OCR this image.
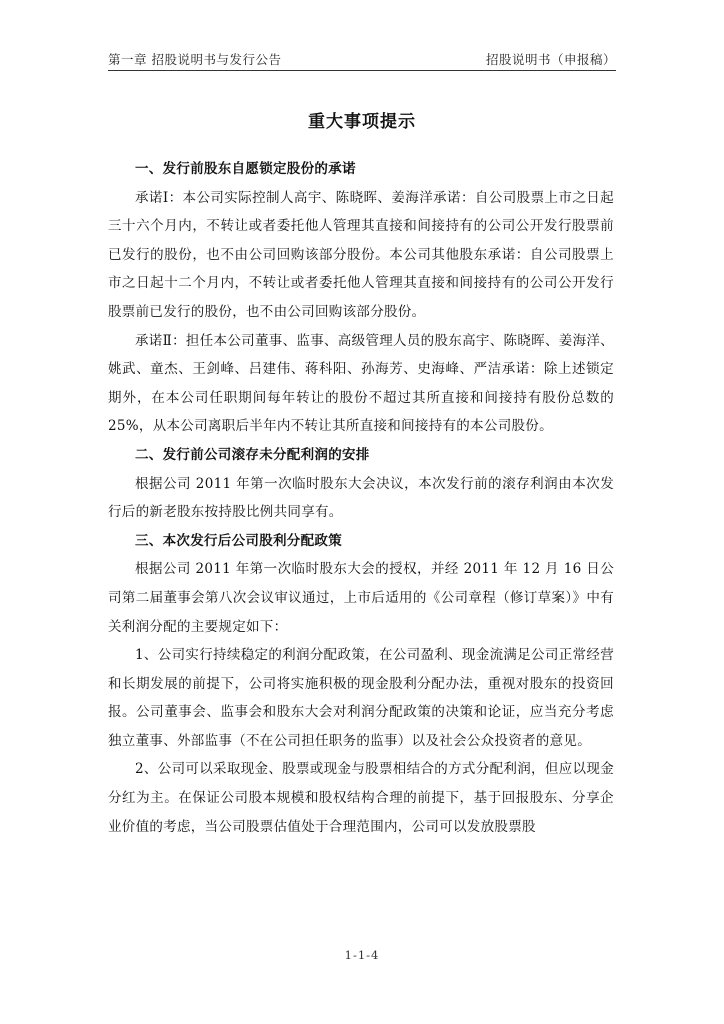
第一章 招股说明书与发行公告	招股说明书（申报稿）
重大事项提示
一、发行前股东自愿锁定股份的承诺

承诺Ⅰ：本公司实际控制人高宇、陈晓晖、姜海洋承诺：自公司股票上市之日起三十六个月内，不转让或者委托他人管理其直接和间接持有的公司公开发行股票前已发行的股份，也不由公司回购该部分股份。本公司其他股东承诺：自公司股票上市之日起十二个月内，不转让或者委托他人管理其直接和间接持有的公司公开发行股票前已发行的股份，也不由公司回购该部分股份。

承诺Ⅱ：担任本公司董事、监事、高级管理人员的股东高宇、陈晓晖、姜海洋、姚武、童杰、王剑峰、吕建伟、蒋科阳、孙海芳、史海峰、严洁承诺：除上述锁定期外，在本公司任职期间每年转让的股份不超过其所直接和间接持有股份总数的 25%，从本公司离职后半年内不转让其所直接和间接持有的本公司股份。

二、发行前公司滚存未分配利润的安排

根据公司 2011 年第一次临时股东大会决议，本次发行前的滚存利润由本次发行后的新老股东按持股比例共同享有。

三、本次发行后公司股利分配政策

根据公司 2011 年第一次临时股东大会的授权，并经 2011 年 12 月 16 日公司第二届董事会第八次会议审议通过，上市后适用的《公司章程（修订草案）》中有关利润分配的主要规定如下：

1、公司实行持续稳定的利润分配政策，在公司盈利、现金流满足公司正常经营和长期发展的前提下，公司将实施积极的现金股利分配办法，重视对股东的投资回报。公司董事会、监事会和股东大会对利润分配政策的决策和论证，应当充分考虑独立董事、外部监事（不在公司担任职务的监事）以及社会公众投资者的意见。

2、公司可以采取现金、股票或现金与股票相结合的方式分配利润，但应以现金分红为主。在保证公司股本规模和股权结构合理的前提下，基于回报股东、分享企业价值的考虑，当公司股票估值处于合理范围内，公司可以发放股票股

1-1-4
